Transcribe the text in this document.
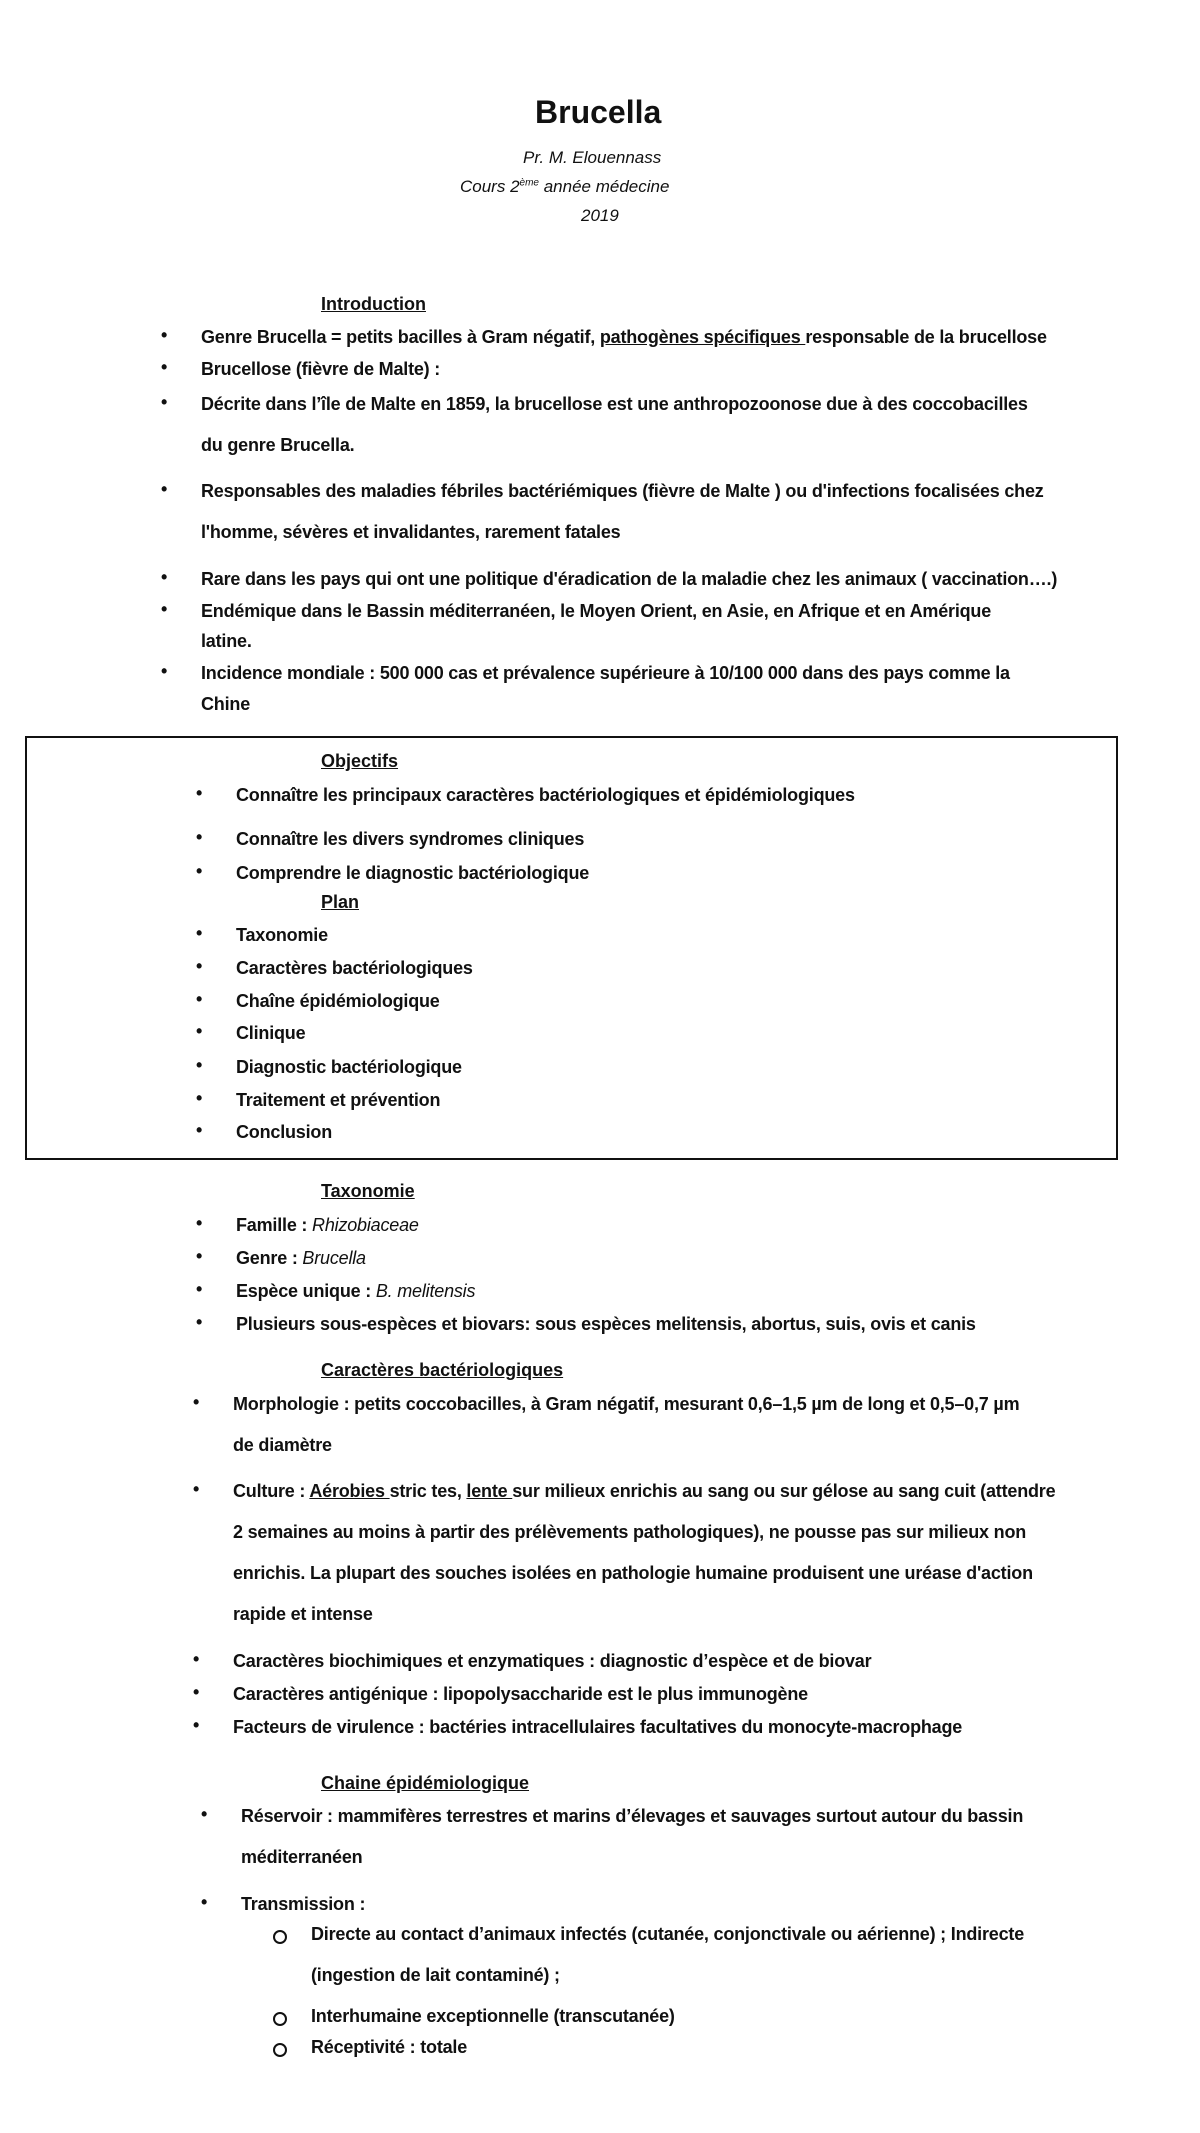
Brucella
Pr. M. Elouennass
Cours 2ème année médecine
2019
Introduction
• Genre Brucella = petits bacilles à Gram négatif, pathogènes spécifiques responsable de la brucellose
• Brucellose (fièvre de Malte) :
• Décrite dans l’île de Malte en 1859, la brucellose est une anthropozoonose due à des coccobacilles
du genre Brucella.
• Responsables des maladies fébriles bactériémiques (fièvre de Malte ) ou d'infections focalisées chez
l'homme, sévères et invalidantes, rarement fatales
• Rare dans les pays qui ont une politique d'éradication de la maladie chez les animaux ( vaccination….)
• Endémique dans le Bassin méditerranéen, le Moyen Orient, en Asie, en Afrique et en Amérique
latine.
• Incidence mondiale : 500 000 cas et prévalence supérieure à 10/100 000 dans des pays comme la
Chine
Objectifs
• Connaître les principaux caractères bactériologiques et épidémiologiques
• Connaître les divers syndromes cliniques
• Comprendre le diagnostic bactériologique
Plan
• Taxonomie
• Caractères bactériologiques
• Chaîne épidémiologique
• Clinique
• Diagnostic bactériologique
• Traitement et prévention
• Conclusion
Taxonomie
• Famille : Rhizobiaceae
• Genre : Brucella
• Espèce unique : B. melitensis
• Plusieurs sous-espèces et biovars: sous espèces melitensis, abortus, suis, ovis et canis
Caractères bactériologiques
• Morphologie : petits coccobacilles, à Gram négatif, mesurant 0,6–1,5 µm de long et 0,5–0,7 µm
de diamètre
• Culture : Aérobies stric tes, lente sur milieux enrichis au sang ou sur gélose au sang cuit (attendre
2 semaines au moins à partir des prélèvements pathologiques), ne pousse pas sur milieux non
enrichis. La plupart des souches isolées en pathologie humaine produisent une uréase d'action
rapide et intense
• Caractères biochimiques et enzymatiques : diagnostic d’espèce et de biovar
• Caractères antigénique : lipopolysaccharide est le plus immunogène
• Facteurs de virulence : bactéries intracellulaires facultatives du monocyte-macrophage
Chaine épidémiologique
• Réservoir : mammifères terrestres et marins d’élevages et sauvages surtout autour du bassin
méditerranéen
• Transmission :
Directe au contact d’animaux infectés (cutanée, conjonctivale ou aérienne) ; Indirecte
(ingestion de lait contaminé) ;
Interhumaine exceptionnelle (transcutanée)
Réceptivité : totale
